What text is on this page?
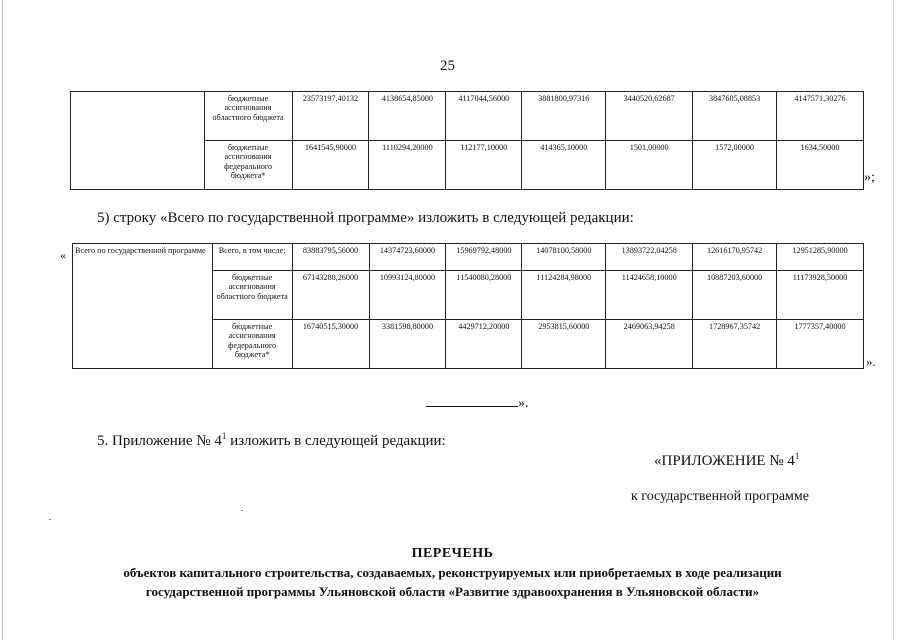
25
	бюджетные ассигнования областного бюджета	23573197,40132	4138654,85000	4117044,56000	3881800,97316	3440520,62687	3847605,08853	4147571,30276
	бюджетные ассигнования федерального бюджета*	1641545,90000	1110294,20000	112177,10000	414365,10000	1501,00000	1572,00000	1634,50000
»;
5) строку «Всего по государственной программе» изложить в следующей редакции:
« Всего по государственной программе	Всего, в том числе:	83883795,56000	14374723,60000	15969792,48000	14078100,58000	13893722,04258	12616170,95742	12951285,90000
	бюджетные ассигнования областного бюджета	67143280,26000	10993124,80000	11540080,28000	11124284,98000	11424658,10000	10887203,60000	11173928,50000
	бюджетные ассигнования федерального бюджета*	16740515,30000	3381598,80000	4429712,20000	2953815,60000	2469063,94258	1728967,35742	1777357,40000
».
».
5. Приложение № $4^1$ изложить в следующей редакции:
«ПРИЛОЖЕНИЕ № $4^1$
к государственной программе
ПЕРЕЧЕНЬ
объектов капитального строительства, создаваемых, реконструируемых или приобретаемых в ходе реализации
государственной программы Ульяновской области «Развитие здравоохранения в Ульяновской области»
